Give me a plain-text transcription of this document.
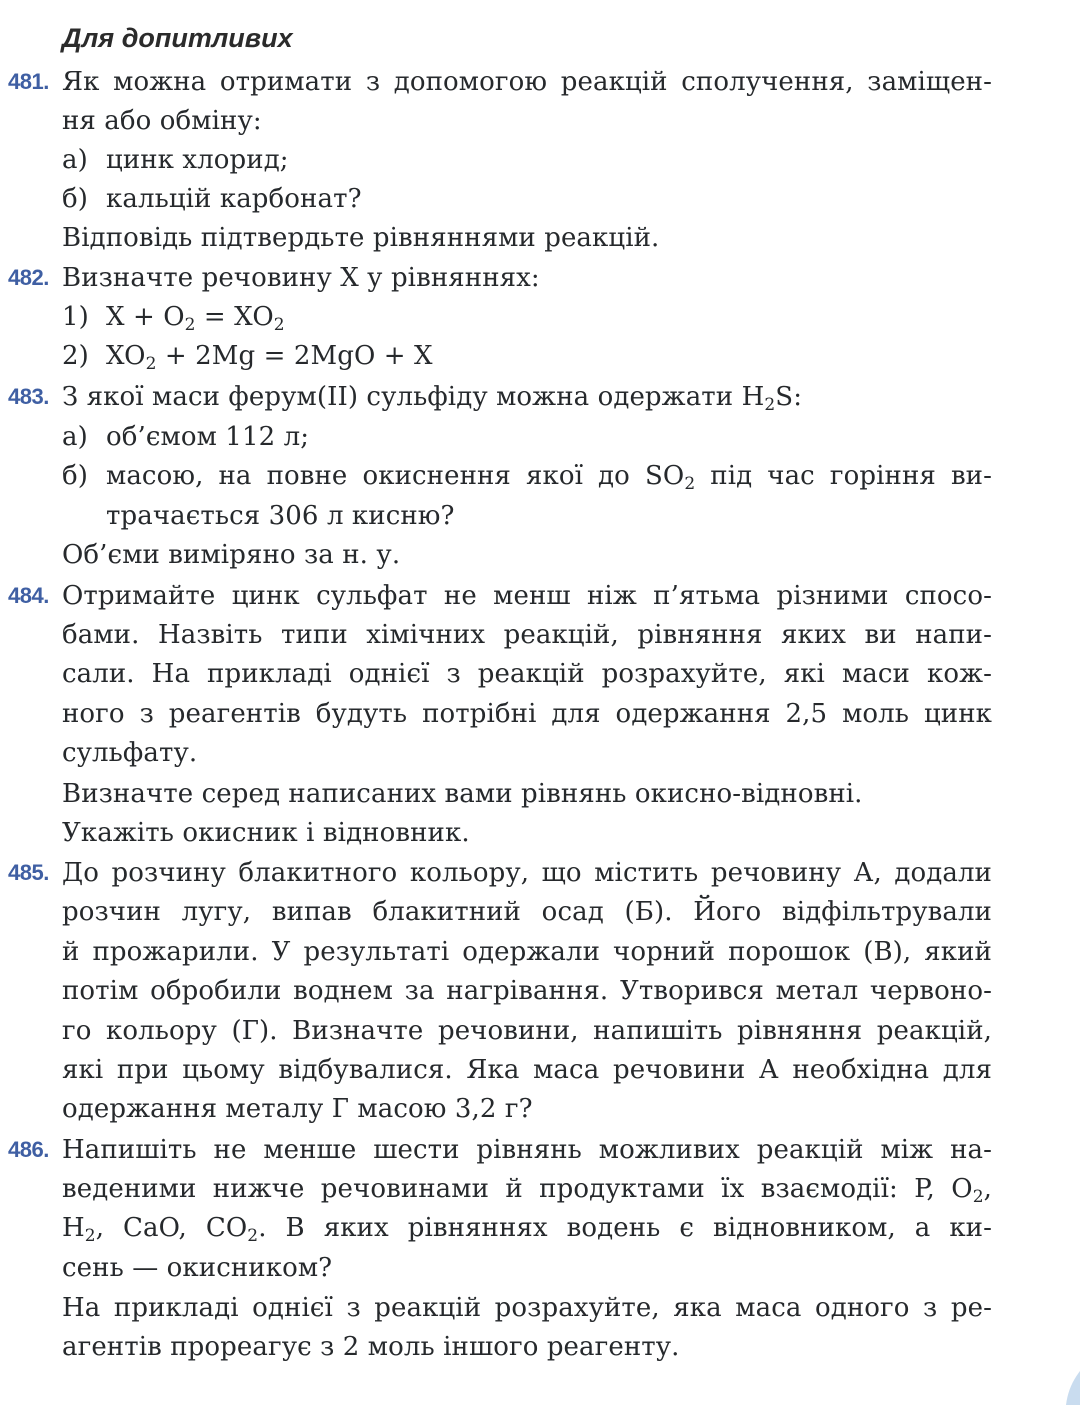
Для допитливих
481. Як можна отримати з допомогою реакцій сполучення, заміщен-
ня або обміну:
а) цинк хлорид;
б) кальцій карбонат?
Відповідь підтвердьте рівняннями реакцій.
482. Визначте речовину Х у рівняннях:
1) $X + O_2 = XO_2$
2) $XO_2 + 2Mg = 2MgO + X$
483. З якої маси ферум(ІІ) сульфіду можна одержати $H_2S$:
а) об’ємом 112 л;
б) масою, на повне окиснення якої до $SO_2$ під час горіння ви-
трачається 306 л кисню?
Об’єми виміряно за н. у.
484. Отримайте цинк сульфат не менш ніж п’ятьма різними спосо-
бами. Назвіть типи хімічних реакцій, рівняння яких ви напи-
сали. На прикладі однієї з реакцій розрахуйте, які маси кож-
ного з реагентів будуть потрібні для одержання 2,5 моль цинк
сульфату.
Визначте серед написаних вами рівнянь окисно-відновні.
Укажіть окисник і відновник.
485. До розчину блакитного кольору, що містить речовину А, додали
розчин лугу, випав блакитний осад (Б). Його відфільтрували
й прожарили. У результаті одержали чорний порошок (В), який
потім обробили воднем за нагрівання. Утворився метал червоно-
го кольору (Г). Визначте речовини, напишіть рівняння реакцій,
які при цьому відбувалися. Яка маса речовини А необхідна для
одержання металу Г масою 3,2 г?
486. Напишіть не менше шести рівнянь можливих реакцій між на-
веденими нижче речовинами й продуктами їх взаємодії: P, $O_2$,
$H_2$, CaO, $CO_2$. В яких рівняннях водень є відновником, а ки-
сень — окисником?
На прикладі однієї з реакцій розрахуйте, яка маса одного з ре-
агентів прореагує з 2 моль іншого реагенту.
